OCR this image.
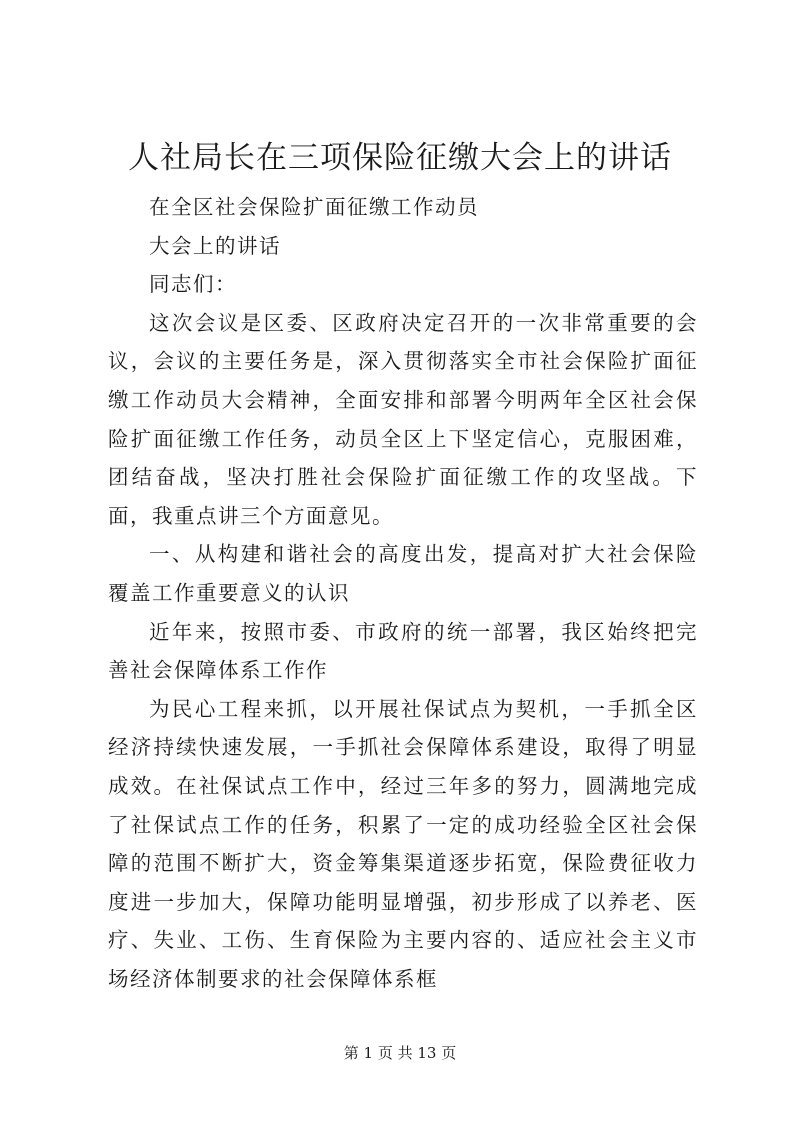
人社局长在三项保险征缴大会上的讲话

在全区社会保险扩面征缴工作动员

大会上的讲话

同志们：

这次会议是区委、区政府决定召开的一次非常重要的会议，会议的主要任务是，深入贯彻落实全市社会保险扩面征缴工作动员大会精神，全面安排和部署今明两年全区社会保险扩面征缴工作任务，动员全区上下坚定信心，克服困难，团结奋战，坚决打胜社会保险扩面征缴工作的攻坚战。下面，我重点讲三个方面意见。

一、从构建和谐社会的高度出发，提高对扩大社会保险覆盖工作重要意义的认识

近年来，按照市委、市政府的统一部署，我区始终把完善社会保障体系工作作

为民心工程来抓，以开展社保试点为契机，一手抓全区经济持续快速发展，一手抓社会保障体系建设，取得了明显成效。在社保试点工作中，经过三年多的努力，圆满地完成了社保试点工作的任务，积累了一定的成功经验全区社会保障的范围不断扩大，资金筹集渠道逐步拓宽，保险费征收力度进一步加大，保障功能明显增强，初步形成了以养老、医疗、失业、工伤、生育保险为主要内容的、适应社会主义市场经济体制要求的社会保障体系框

第 1 页 共 13 页
